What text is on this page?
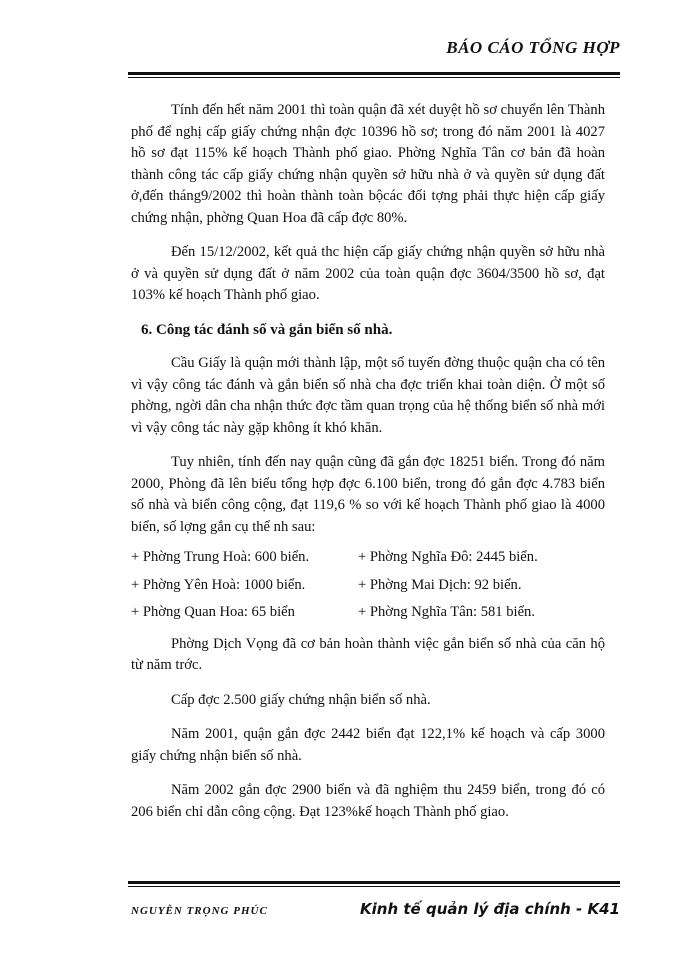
BÁO CÁO TỔNG HỢP

Tính đến hết năm 2001 thì toàn quận đã xét duyệt hồ sơ chuyển lên Thành phố để nghị cấp giấy chứng nhận đợc 10396 hồ sơ; trong đó năm 2001 là 4027 hồ sơ đạt 115% kế hoạch Thành phố giao. Phờng Nghĩa Tân cơ bản đã hoàn thành công tác cấp giấy chứng nhận quyền sở hữu nhà ở và quyền sử dụng đất ở,đến tháng9/2002 thì hoàn thành toàn bộcác đối tợng phải thực hiện cấp giấy chứng nhận, phờng Quan Hoa đã cấp đợc 80%.

Đến 15/12/2002, kết quả thc hiện cấp giấy chứng nhận quyền sở hữu nhà ở và quyền sử dụng đất ở năm 2002 của toàn quận đợc 3604/3500 hồ sơ, đạt 103% kế hoạch Thành phố giao.

6. Công tác đánh số và gắn biển số nhà.

Cầu Giấy là quận mới thành lập, một số tuyến đờng thuộc quận cha có tên vì vậy công tác đánh và gắn biển số nhà cha đợc triển khai toàn diện. Ở một số phờng, ngời dân cha nhận thức đợc tầm quan trọng của hệ thống biển số nhà mới vì vậy công tác này gặp không ít khó khăn.

Tuy nhiên, tính đến nay quận cũng đã gắn đợc 18251 biển. Trong đó năm 2000, Phòng đã lên biểu tổng hợp đợc 6.100 biển, trong đó gắn đợc 4.783 biển số nhà và biển công cộng, đạt 119,6 % so với kế hoạch Thành phố giao là 4000 biển, số lợng gắn cụ thể nh sau:

+ Phờng Trung Hoà: 600 biển.	+ Phờng Nghĩa Đô: 2445 biển.
+ Phờng Yên Hoà: 1000 biển.	+ Phờng Mai Dịch: 92 biển.
+ Phờng Quan Hoa: 65 biển	+ Phờng Nghĩa Tân: 581 biển.

Phờng Dịch Vọng đã cơ bản hoàn thành việc gắn biển số nhà của căn hộ từ năm trớc.

Cấp đợc 2.500 giấy chứng nhận biển số nhà.

Năm 2001, quận gắn đợc 2442 biển đạt 122,1% kế hoạch và cấp 3000 giấy chứng nhận biển số nhà.

Năm 2002 gắn đợc 2900 biển và đã nghiệm thu 2459 biển, trong đó có 206 biển chỉ dẫn công cộng. Đạt 123%kế hoạch Thành phố giao.

NGUYỄN TRỌNG PHÚC	Kinh tế quản lý địa chính - K41
